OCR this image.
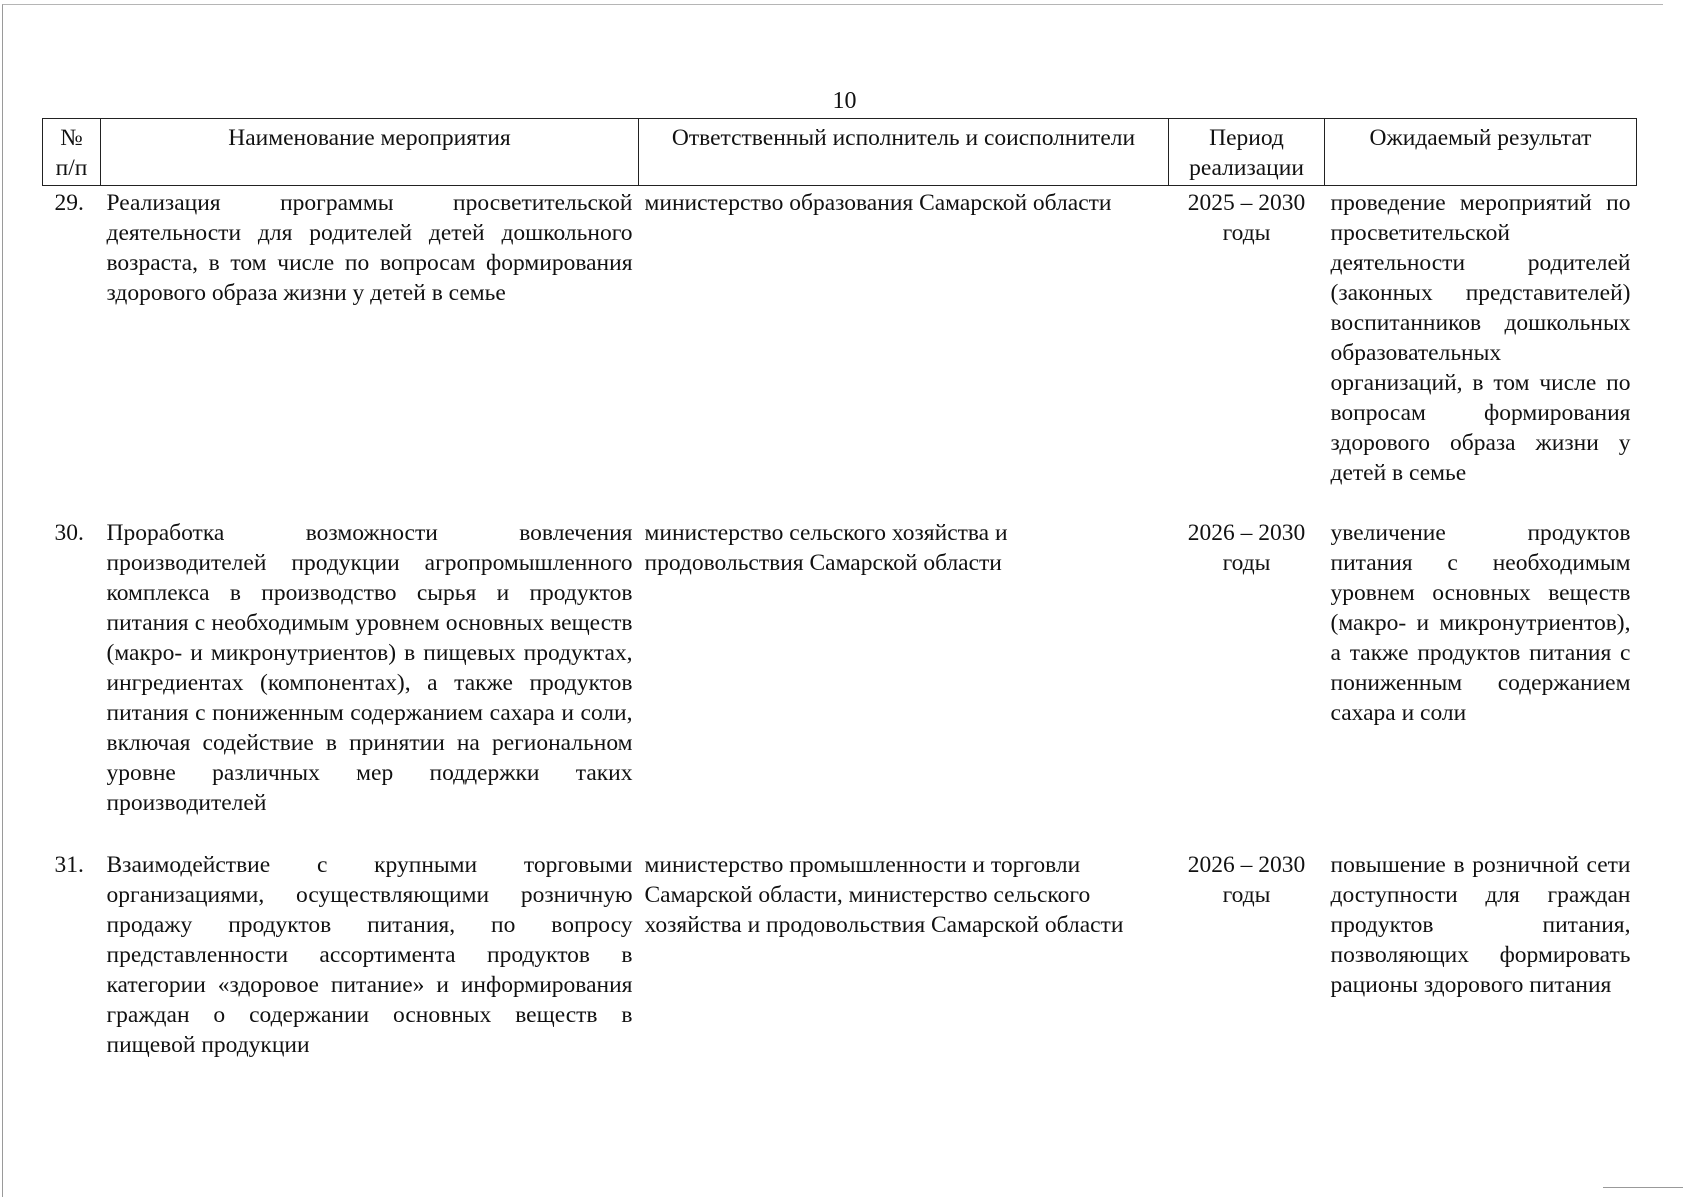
10
№ п/п	Наименование мероприятия	Ответственный исполнитель и соисполнители	Период реализации	Ожидаемый результат
29.	Реализация программы просветительской деятельности для родителей детей дошкольного возраста, в том числе по вопросам формирования здорового образа жизни у детей в семье	министерство образования Самарской области	2025 – 2030 годы	проведение мероприятий по просветительской деятельности родителей (законных представителей) воспитанников дошкольных образовательных организаций, в том числе по вопросам формирования здорового образа жизни у детей в семье
30.	Проработка возможности вовлечения производителей продукции агропромышленного комплекса в производство сырья и продуктов питания с необходимым уровнем основных веществ (макро- и микронутриентов) в пищевых продуктах, ингредиентах (компонентах), а также продуктов питания с пониженным содержанием сахара и соли, включая содействие в принятии на региональном уровне различных мер поддержки таких производителей	министерство сельского хозяйства и продовольствия Самарской области	2026 – 2030 годы	увеличение продуктов питания с необходимым уровнем основных веществ (макро- и микронутриентов), а также продуктов питания с пониженным содержанием сахара и соли
31.	Взаимодействие с крупными торговыми организациями, осуществляющими розничную продажу продуктов питания, по вопросу представленности ассортимента продуктов в категории «здоровое питание» и информирования граждан о содержании основных веществ в пищевой продукции	министерство промышленности и торговли Самарской области, министерство сельского хозяйства и продовольствия Самарской области	2026 – 2030 годы	повышение в розничной сети доступности для граждан продуктов питания, позволяющих формировать рационы здорового питания
